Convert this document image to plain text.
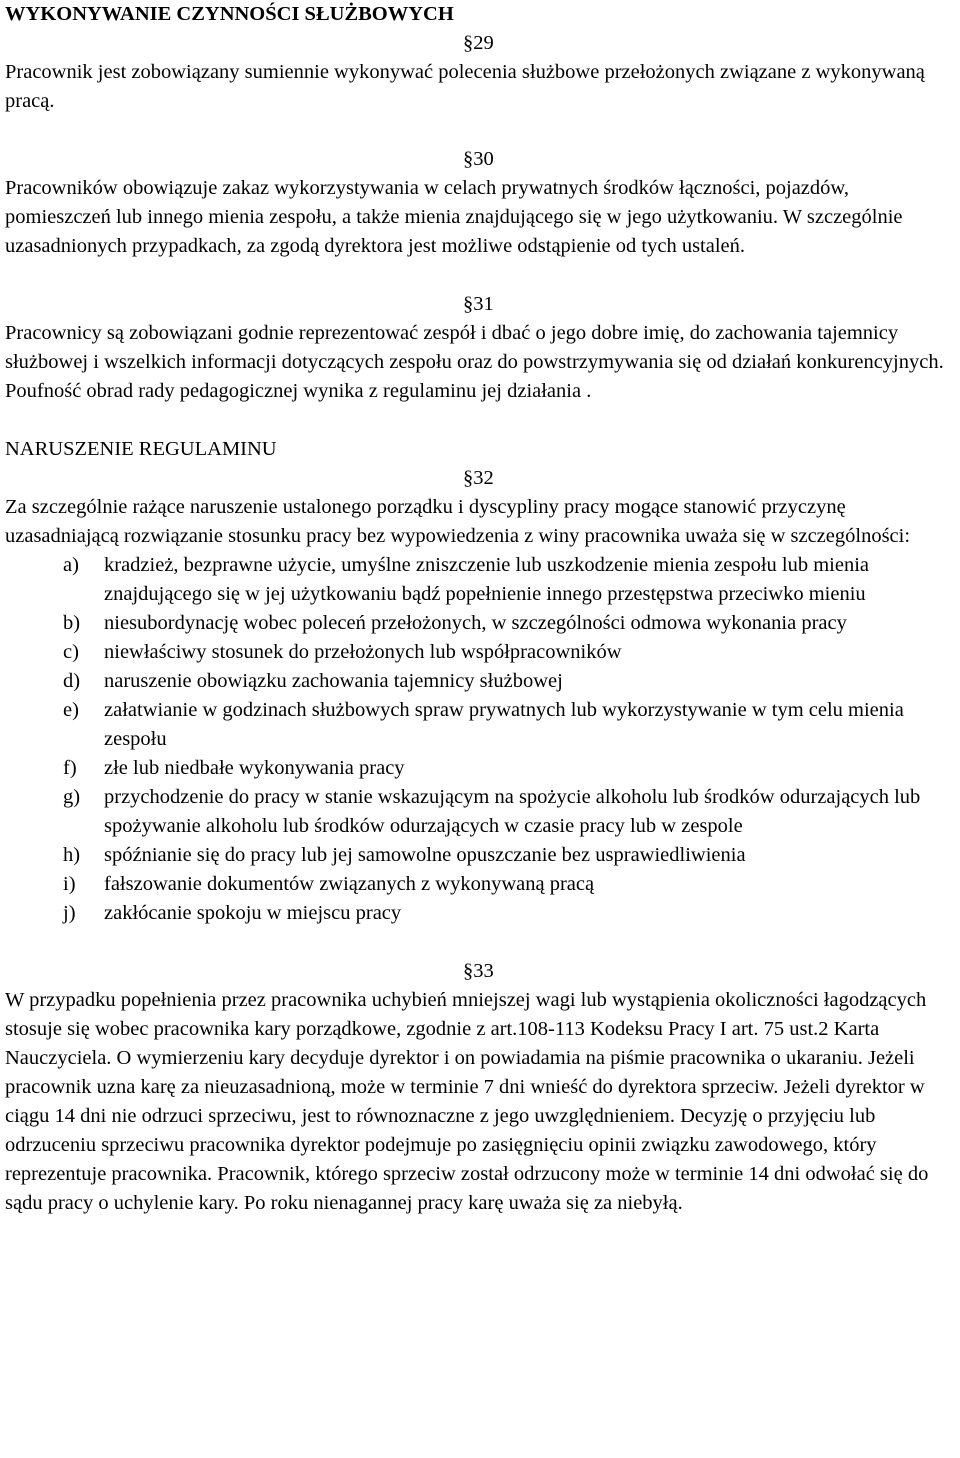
WYKONYWANIE CZYNNOŚCI SŁUŻBOWYCH
§29

Pracownik jest zobowiązany sumiennie wykonywać polecenia służbowe przełożonych związane z wykonywaną pracą.

§30

Pracowników obowiązuje zakaz wykorzystywania w celach prywatnych środków łączności, pojazdów, pomieszczeń lub innego mienia zespołu, a także mienia znajdującego się w jego użytkowaniu. W szczególnie uzasadnionych przypadkach, za zgodą dyrektora jest możliwe odstąpienie od tych ustaleń.

§31

Pracownicy są zobowiązani godnie reprezentować zespół i dbać o jego dobre imię, do zachowania tajemnicy służbowej i wszelkich informacji dotyczących zespołu oraz do powstrzymywania się od działań konkurencyjnych. Poufność obrad rady pedagogicznej wynika z regulaminu jej działania .

NARUSZENIE REGULAMINU
§32

Za szczególnie rażące naruszenie ustalonego porządku i dyscypliny pracy mogące stanowić przyczynę uzasadniającą rozwiązanie stosunku pracy bez wypowiedzenia z winy pracownika uważa się w szczególności:

a) kradzież, bezprawne użycie, umyślne zniszczenie lub uszkodzenie mienia zespołu lub mienia znajdującego się w jej użytkowaniu bądź popełnienie innego przestępstwa przeciwko mieniu
b) niesubordynację wobec poleceń przełożonych, w szczególności odmowa wykonania pracy
c) niewłaściwy stosunek do przełożonych lub współpracowników
d) naruszenie obowiązku zachowania tajemnicy służbowej
e) załatwianie w godzinach służbowych spraw prywatnych lub wykorzystywanie w tym celu mienia zespołu
f) złe lub niedbałe wykonywania pracy
g) przychodzenie do pracy w stanie wskazującym na spożycie alkoholu lub środków odurzających lub spożywanie alkoholu lub środków odurzających w czasie pracy lub w zespole
h) spóźnianie się do pracy lub jej samowolne opuszczanie bez usprawiedliwienia
i) fałszowanie dokumentów związanych z wykonywaną pracą
j) zakłócanie spokoju w miejscu pracy
§33

W przypadku popełnienia przez pracownika uchybień mniejszej wagi lub wystąpienia okoliczności łagodzących stosuje się wobec pracownika kary porządkowe, zgodnie z art.108-113 Kodeksu Pracy I art. 75 ust.2 Karta Nauczyciela. O wymierzeniu kary decyduje dyrektor i on powiadamia na piśmie pracownika o ukaraniu. Jeżeli pracownik uzna karę za nieuzasadnioną, może w terminie 7 dni wnieść do dyrektora sprzeciw. Jeżeli dyrektor w ciągu 14 dni nie odrzuci sprzeciwu, jest to równoznaczne z jego uwzględnieniem. Decyzję o przyjęciu lub odrzuceniu sprzeciwu pracownika dyrektor podejmuje po zasięgnięciu opinii związku zawodowego, który reprezentuje pracownika. Pracownik, którego sprzeciw został odrzucony może w terminie 14 dni odwołać się do sądu pracy o uchylenie kary. Po roku nienagannej pracy karę uważa się za niebyłą.
